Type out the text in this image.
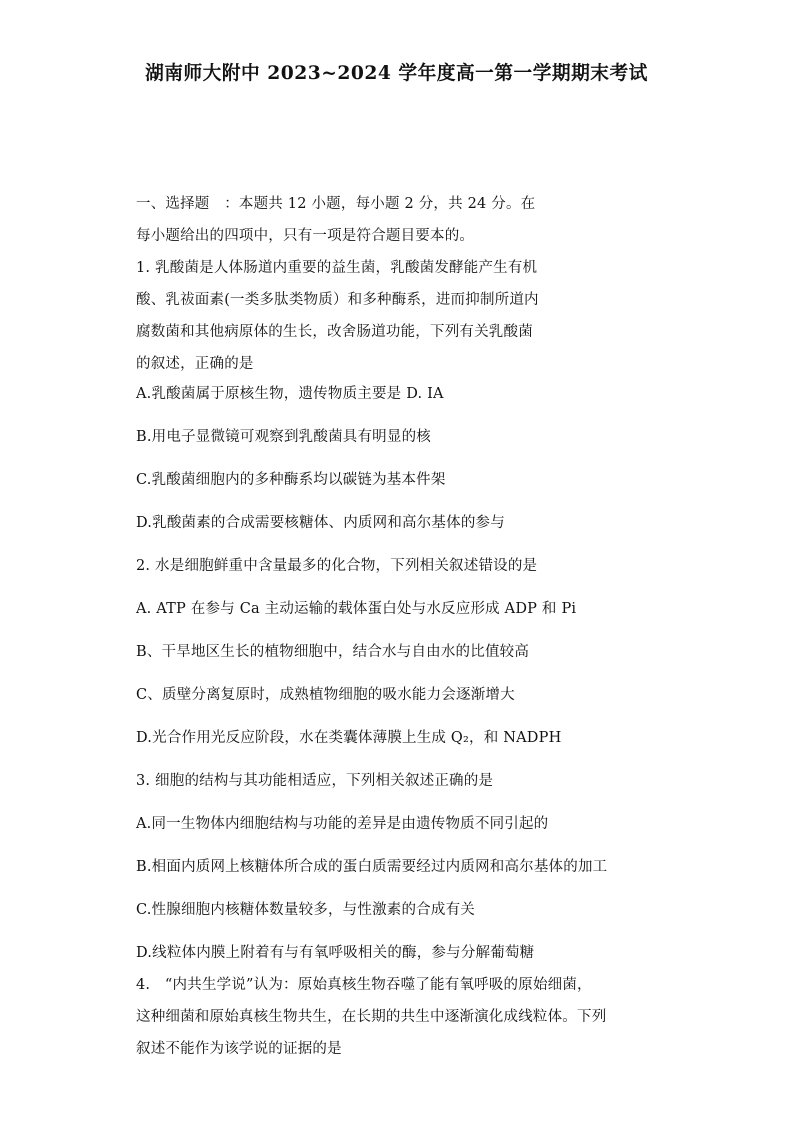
湖南师大附中 2023~2024 学年度高一第一学期期末考试
一、选择题　：本题共 12 小题，每小题 2 分，共 24 分。在
每小题给出的四项中，只有一项是符合题目要本的。
1. 乳酸菌是人体肠道内重要的益生菌，乳酸菌发酵能产生有机
酸、乳祓面素(一类多肽类物质）和多种酶系，进而抑制所道内
腐数菌和其他病原体的生长，改舍肠道功能，下列有关乳酸菌
的叙述，正确的是
A.乳酸菌属于原核生物，遗传物质主要是 D. IA
B.用电子显微镜可观察到乳酸菌具有明显的核
C.乳酸菌细胞内的多种酶系均以碳链为基本件架
D.乳酸菌素的合成需要核糖体、内质网和高尔基体的参与
2. 水是细胞鲜重中含量最多的化合物，下列相关叙述错设的是
A. ATP 在参与 Ca 主动运输的载体蛋白处与水反应形成 ADP 和 Pi
B、干旱地区生长的植物细胞中，结合水与自由水的比值较高
C、质壁分离复原时，成熟植物细胞的吸水能力会逐渐增大
D.光合作用光反应阶段，水在类囊体薄膜上生成 Q₂，和 NADPH
3. 细胞的结构与其功能相适应，下列相关叙述正确的是
A.同一生物体内细胞结构与功能的差异是由遗传物质不同引起的
B.相面内质网上核糖体所合成的蛋白质需要经过内质网和高尔基体的加工
C.性腺细胞内核糖体数量较多，与性激素的合成有关
D.线粒体内膜上附着有与有氧呼吸相关的酶，参与分解葡萄糖
4.　“内共生学说”认为：原始真核生物吞噬了能有氧呼吸的原始细菌，
这种细菌和原始真核生物共生，在长期的共生中逐渐演化成线粒体。下列
叙述不能作为该学说的证据的是
